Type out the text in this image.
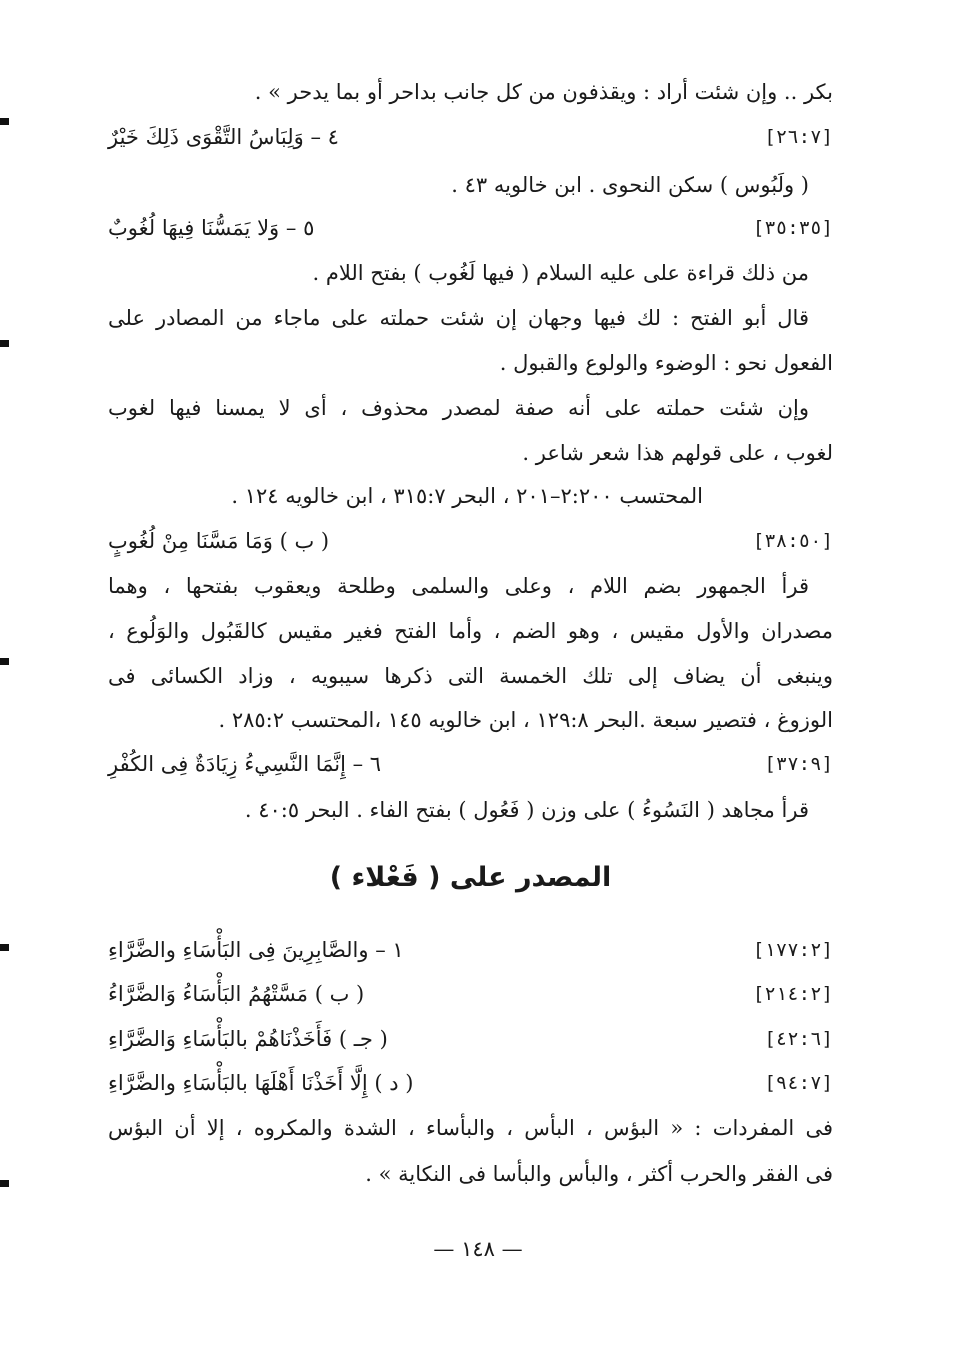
بكر .. وإن شئت أراد : ويقذفون من كل جانب بداحر أو بما يدحر » .
٤ – وَلِبَاسُ التَّقْوَى ذَلِكَ خَيْرٌ	[٢٦:٧]
( ولَبُوس ) سكن النحوى . ابن خالويه ٤٣ .
٥ – وَلا يَمَسُّنَا فِيهَا لُغُوبٌ	[٣٥:٣٥]
من ذلك قراءة على عليه السلام ( فيها لَغُوب ) بفتح اللام .
قال أبو الفتح : لك فيها وجهان إن شئت حملته على ماجاء من المصادر على
الفعول نحو : الوضوء والولوع والقبول .
وإن شئت حملته على أنه صفة لمصدر محذوف ، أى لا يمسنا فيها لغوب
لغوب ، على قولهم هذا شعر شاعر .
المحتسب ٢:٢٠٠–٢٠١ ، البحر ٣١٥:٧ ، ابن خالويه ١٢٤ .
( ب ) وَمَا مَسَّنَا مِنْ لُغُوبٍ	[٣٨:٥٠]
قرأ الجمهور بضم اللام ، وعلى والسلمى وطلحة ويعقوب بفتحها ، وهما
مصدران والأول مقيس ، وهو الضم ، وأما الفتح فغير مقيس كالقَبُول والوَلُوع ،
وينبغى أن يضاف إلى تلك الخمسة التى ذكرها سيبويه ، وزاد الكسائى فى
الوزوغ ، فتصير سبعة .البحر ١٢٩:٨ ، ابن خالويه ١٤٥ ،المحتسب ٢٨٥:٢ .
٦ – إِنَّمَا النَّسِيءُ زِيَادَةٌ فِى الكُفْرِ	[٣٧:٩]
قرأ مجاهد ( النَسُوءُ ) على وزن ( فَعُول ) بفتح الفاء . البحر ٤٠:٥ .
المصدر على ( فَعْلاء )
١ – والصَّابِرِينَ فِى البَأْسَاءِ والضَّرَّاءِ	[١٧٧:٢]
( ب ) مَسَّتْهُمُ البَأْسَاءُ وَالضَّرَّاءُ	[٢١٤:٢]
( جـ ) فَأَخَذْنَاهُمْ بالبَأْسَاءِ وَالضَّرَّاءِ	[٤٢:٦]
( د ) إِلَّا أَخَذْنَا أَهْلَهَا بالبَأْسَاءِ والضَّرَّاءِ	[٩٤:٧]
فى المفردات : « البؤس ، البأس ، والبأساء ، الشدة والمكروه ، إلا أن البؤس
فى الفقر والحرب أكثر ، والبأس والبأسا فى النكاية » .
— ١٤٨ —
